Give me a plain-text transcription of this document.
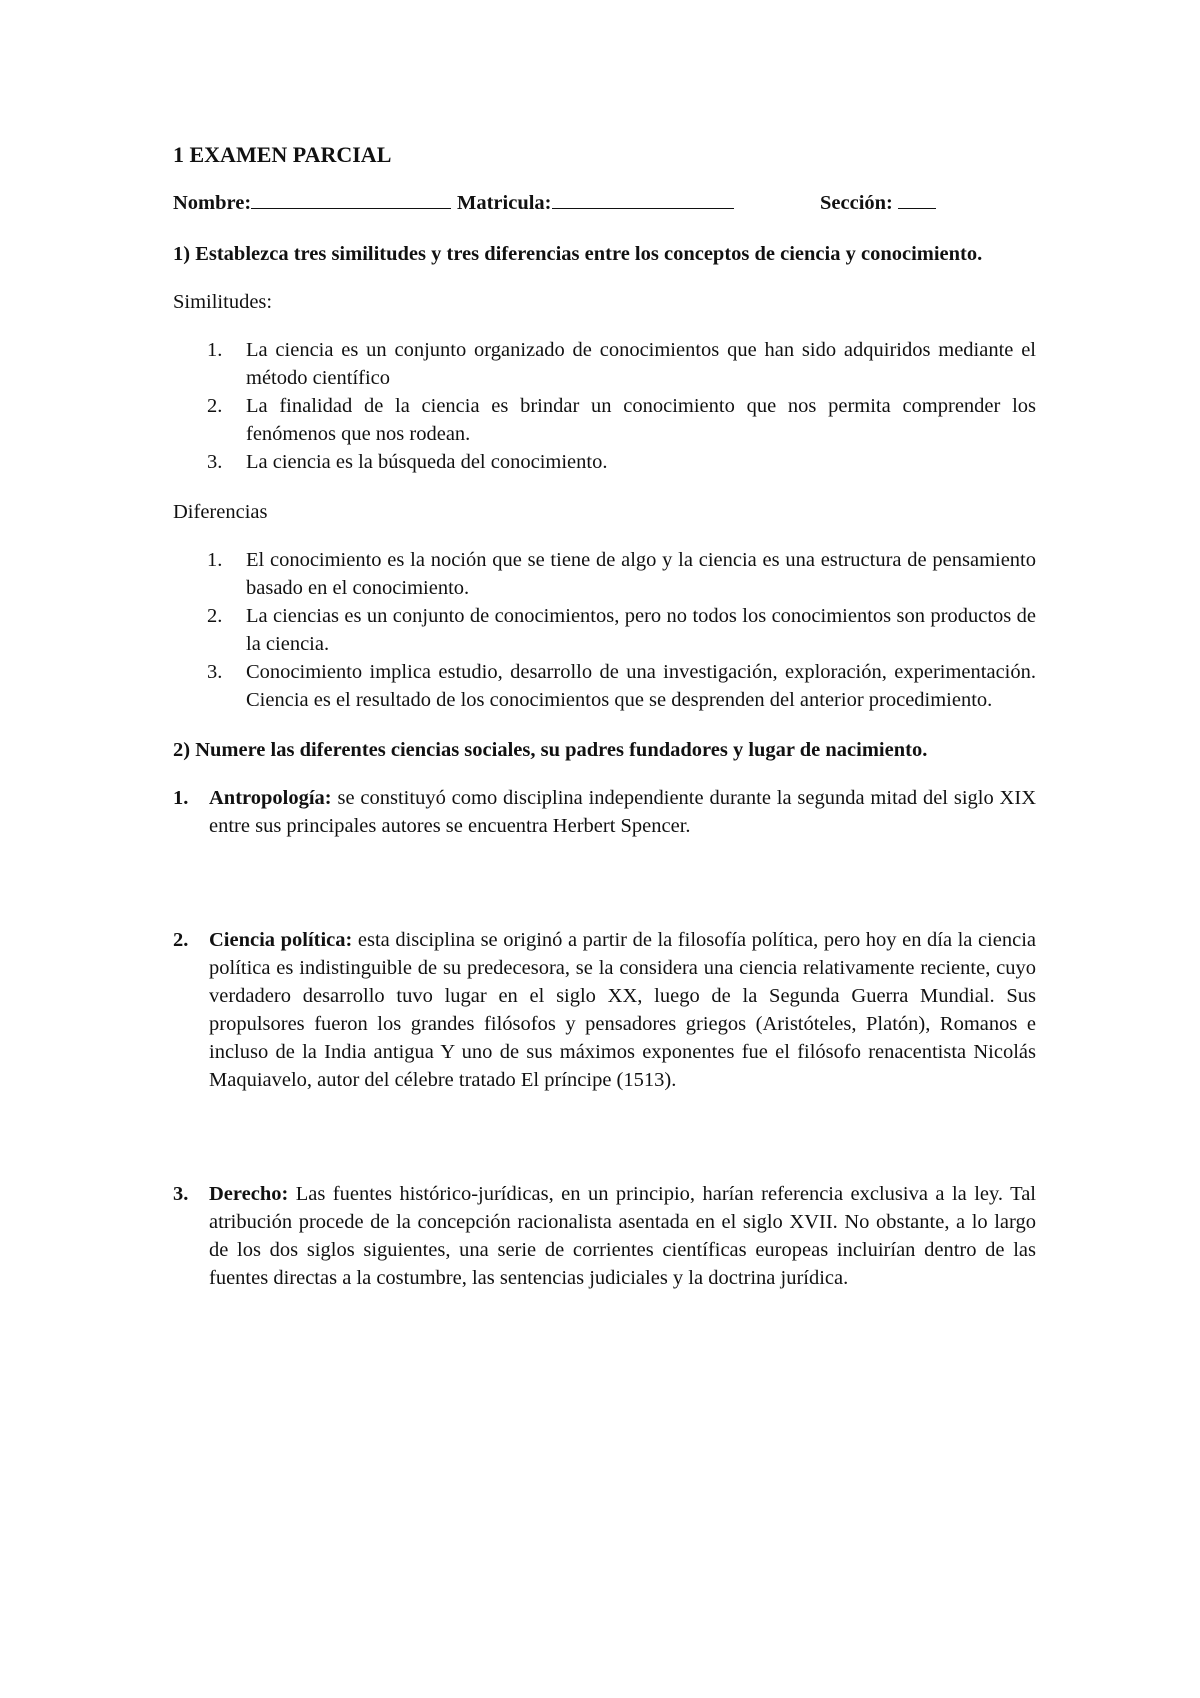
1 EXAMEN PARCIAL
Nombre:	Matricula:	Sección:
1) Establezca tres similitudes y tres diferencias entre los conceptos de ciencia y conocimiento.
Similitudes:
1. La ciencia es un conjunto organizado de conocimientos que han sido adquiridos mediante el método científico
2. La finalidad de la ciencia es brindar un conocimiento que nos permita comprender los fenómenos que nos rodean.
3. La ciencia es la búsqueda del conocimiento.
Diferencias
1. El conocimiento es la noción que se tiene de algo y la ciencia es una estructura de pensamiento basado en el conocimiento.
2. La ciencias es un conjunto de conocimientos, pero no todos los conocimientos son productos de la ciencia.
3. Conocimiento implica estudio, desarrollo de una investigación, exploración, experimentación. Ciencia es el resultado de los conocimientos que se desprenden del anterior procedimiento.
2) Numere las diferentes ciencias sociales, su padres fundadores y lugar de nacimiento.
1. Antropología: se constituyó como disciplina independiente durante la segunda mitad del siglo XIX entre sus principales autores se encuentra Herbert Spencer.
2. Ciencia política: esta disciplina se originó a partir de la filosofía política, pero hoy en día la ciencia política es indistinguible de su predecesora, se la considera una ciencia relativamente reciente, cuyo verdadero desarrollo tuvo lugar en el siglo XX, luego de la Segunda Guerra Mundial. Sus propulsores fueron los grandes filósofos y pensadores griegos (Aristóteles, Platón), Romanos e incluso de la India antigua Y uno de sus máximos exponentes fue el filósofo renacentista Nicolás Maquiavelo, autor del célebre tratado El príncipe (1513).
3. Derecho: Las fuentes histórico-jurídicas, en un principio, harían referencia exclusiva a la ley. Tal atribución procede de la concepción racionalista asentada en el siglo XVII. No obstante, a lo largo de los dos siglos siguientes, una serie de corrientes científicas europeas incluirían dentro de las fuentes directas a la costumbre, las sentencias judiciales y la doctrina jurídica.
